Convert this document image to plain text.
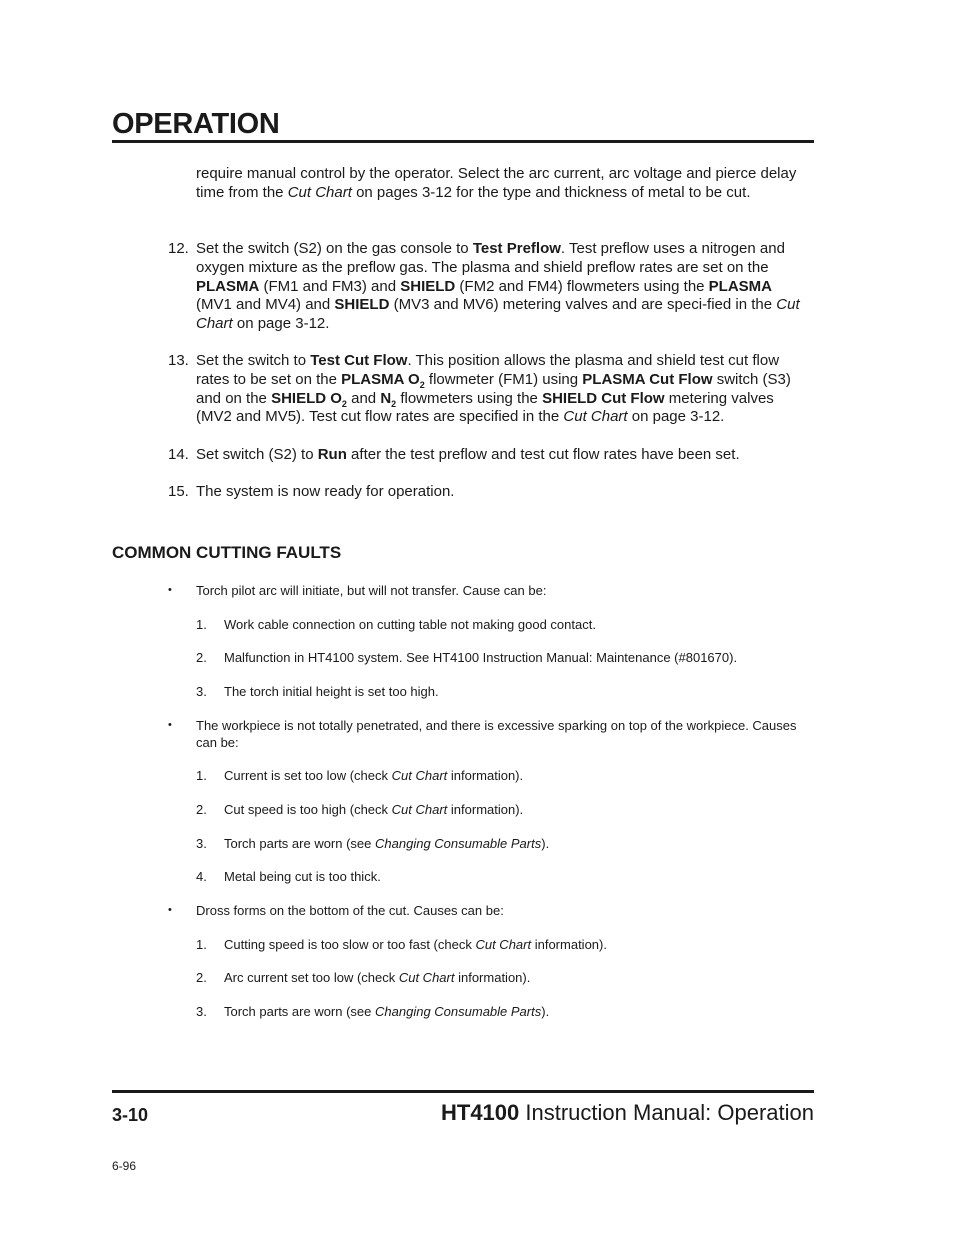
OPERATION
require manual control by the operator. Select the arc current, arc voltage and pierce delay time from the Cut Chart on pages 3-12 for the type and thickness of metal to be cut.
12. Set the switch (S2) on the gas console to Test Preflow. Test preflow uses a nitrogen and oxygen mixture as the preflow gas. The plasma and shield preflow rates are set on the PLASMA (FM1 and FM3) and SHIELD (FM2 and FM4) flowmeters using the PLASMA (MV1 and MV4) and SHIELD (MV3 and MV6) metering valves and are speci-fied in the Cut Chart on page 3-12.
13. Set the switch to Test Cut Flow. This position allows the plasma and shield test cut flow rates to be set on the PLASMA $O_2$ flowmeter (FM1) using PLASMA Cut Flow switch (S3) and on the SHIELD $O_2$ and $N_2$ flowmeters using the SHIELD Cut Flow metering valves (MV2 and MV5). Test cut flow rates are specified in the Cut Chart on page 3-12.
14. Set switch (S2) to Run after the test preflow and test cut flow rates have been set.
15. The system is now ready for operation.
COMMON CUTTING FAULTS
• Torch pilot arc will initiate, but will not transfer. Cause can be:
1. Work cable connection on cutting table not making good contact.
2. Malfunction in HT4100 system. See HT4100 Instruction Manual: Maintenance (#801670).
3. The torch initial height is set too high.
• The workpiece is not totally penetrated, and there is excessive sparking on top of the workpiece. Causes can be:
1. Current is set too low (check Cut Chart information).
2. Cut speed is too high (check Cut Chart information).
3. Torch parts are worn (see Changing Consumable Parts).
4. Metal being cut is too thick.
• Dross forms on the bottom of the cut. Causes can be:
1. Cutting speed is too slow or too fast (check Cut Chart information).
2. Arc current set too low (check Cut Chart information).
3. Torch parts are worn (see Changing Consumable Parts).
3-10	HT4100 Instruction Manual: Operation
6-96
